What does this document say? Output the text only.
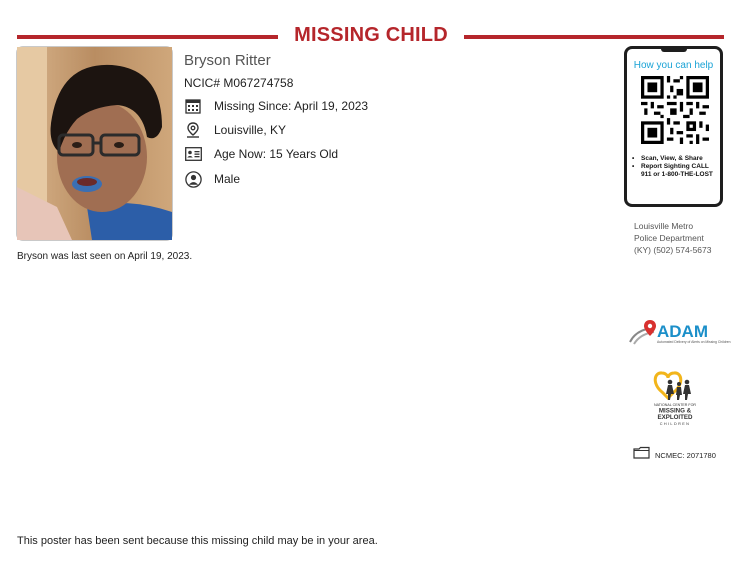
MISSING CHILD
Bryson Ritter
NCIC# M067274758
Missing Since: April 19, 2023
Louisville, KY
Age Now: 15 Years Old
Male
Bryson was last seen on April 19, 2023.
How you can help
•	Scan, View, & Share
•	Report Sighting CALL 911 or 1-800-THE-LOST
Louisville Metro
Police Department
(KY) (502) 574-5673
ADAM
Automated Delivery of Alerts on Missing Children
NATIONAL CENTER FOR
MISSING &
EXPLOITED
CHILDREN
NCMEC: 2071780
This poster has been sent because this missing child may be in your area.
